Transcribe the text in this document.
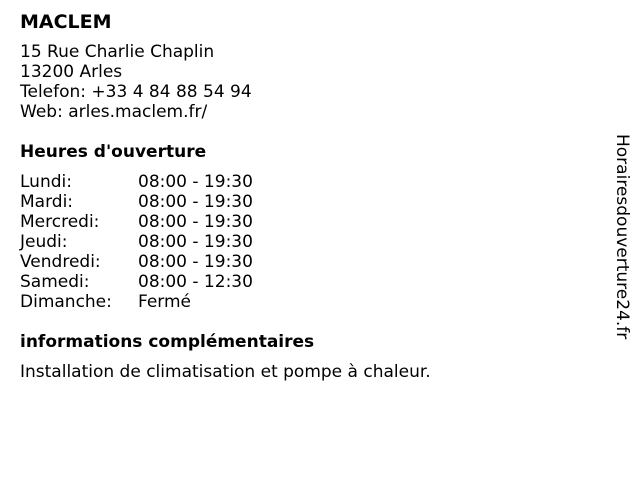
MACLEM
15 Rue Charlie Chaplin
13200 Arles
Telefon: +33 4 84 88 54 94
Web: arles.maclem.fr/
Heures d'ouverture
Lundi:	08:00 - 19:30
Mardi:	08:00 - 19:30
Mercredi:	08:00 - 19:30
Jeudi:	08:00 - 19:30
Vendredi:	08:00 - 19:30
Samedi:	08:00 - 12:30
Dimanche:	Fermé
informations complémentaires
Installation de climatisation et pompe à chaleur.
Horairesdouverture24.fr
